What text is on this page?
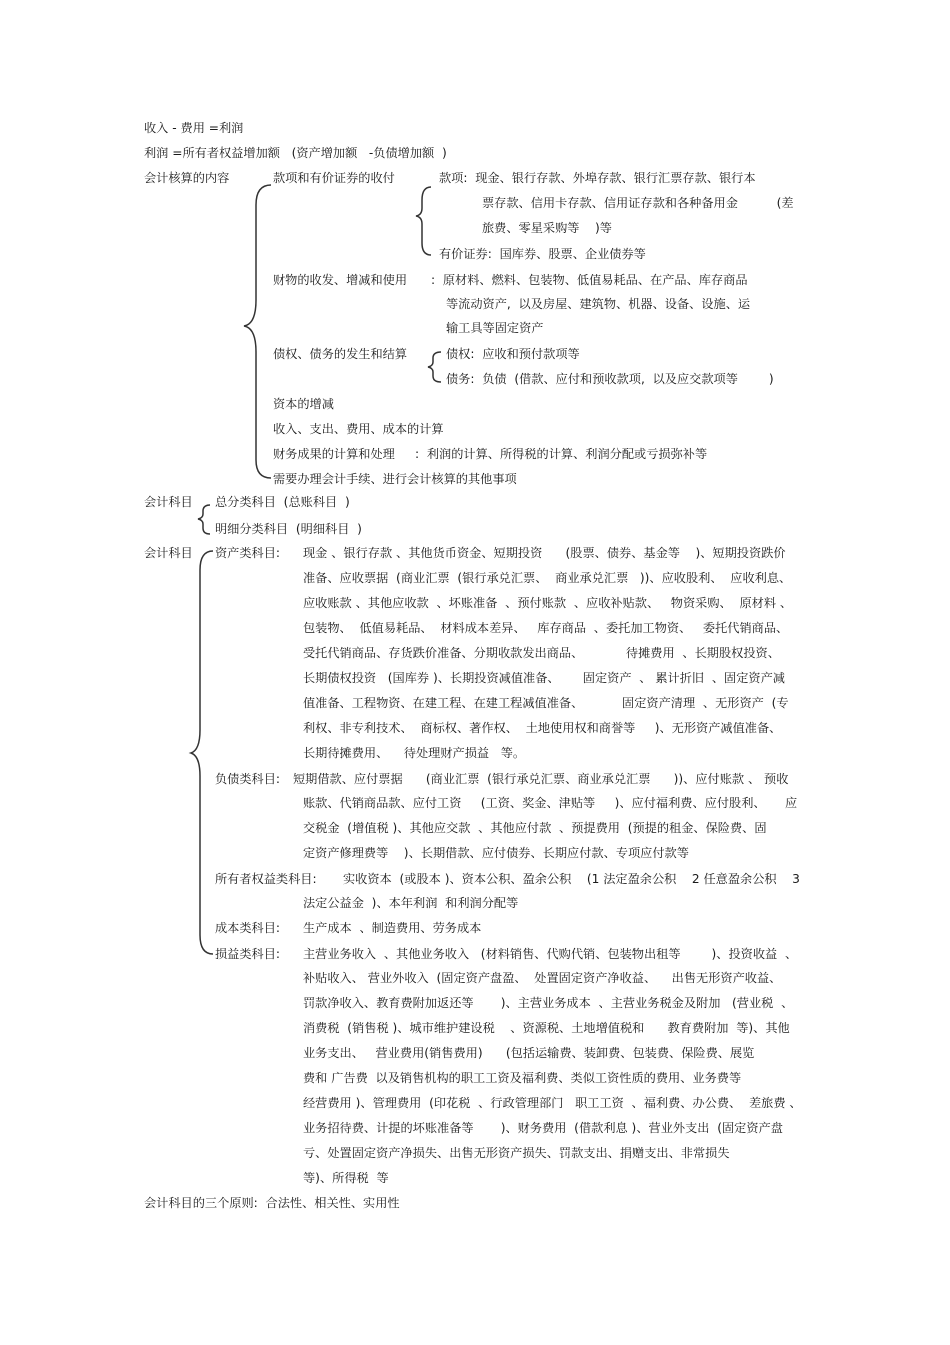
收入 - 费用 =利润
利润 =所有者权益增加额   (资产增加额   -负债增加额  )
会计核算的内容	款项和有价证券的收付	款项:  现金、银行存款、外埠存款、银行汇票存款、银行本
票存款、信用卡存款、信用证存款和各种备用金          (差
旅费、零星采购等    )等
有价证券:  国库券、股票、企业债券等
财物的收发、增减和使用 :  原材料、燃料、包装物、低值易耗品、在产品、库存商品
等流动资产,  以及房屋、建筑物、机器、设备、设施、运
输工具等固定资产
债权、债务的发生和结算	债权:  应收和预付款项等
债务:  负债  (借款、应付和预收款项,  以及应交款项等        )
资本的增减
收入、支出、费用、成本的计算
财务成果的计算和处理 :  利润的计算、所得税的计算、利润分配或亏损弥补等
需要办理会计手续、进行会计核算的其他事项
会计科目 总分类科目  (总账科目  )
明细分类科目  (明细科目  )
会计科目 资产类科目: 现金 、银行存款 、其他货币资金、短期投资      (股票、债券、基金等    )、短期投资跌价
准备、应收票据  (商业汇票  (银行承兑汇票、  商业承兑汇票   ))、应收股利、  应收利息、
应收账款 、其他应收款  、坏账准备  、预付账款  、应收补贴款、   物资采购、  原材料 、
包装物、  低值易耗品、  材料成本差异、   库存商品  、委托加工物资、   委托代销商品、
受托代销商品、存货跌价准备、分期收款发出商品、           待摊费用  、长期股权投资、
长期债权投资   (国库券 )、长期投资减值准备、      固定资产  、 累计折旧  、固定资产减
值准备、工程物资、在建工程、在建工程减值准备、          固定资产清理  、无形资产  (专
利权、非专利技术、  商标权、著作权、  土地使用权和商誉等     )、无形资产减值准备、
长期待摊费用、    待处理财产损益   等。
负债类科目: 短期借款、应付票据      (商业汇票  (银行承兑汇票、商业承兑汇票      ))、应付账款 、 预收
账款、代销商品款、应付工资     (工资、奖金、津贴等     )、应付福利费、应付股利、     应
交税金  (增值税 )、其他应交款  、其他应付款  、预提费用  (预提的租金、保险费、固
定资产修理费等    )、长期借款、应付债券、长期应付款、专项应付款等
所有者权益类科目: 实收资本  (或股本 )、资本公积、盈余公积    (1 法定盈余公积    2 任意盈余公积    3
法定公益金  )、本年利润  和利润分配等
成本类科目: 生产成本  、制造费用、劳务成本
损益类科目: 主营业务收入  、其他业务收入   (材料销售、代购代销、包装物出租等        )、投资收益  、
补贴收入、 营业外收入  (固定资产盘盈、  处置固定资产净收益、    出售无形资产收益、
罚款净收入、教育费附加返还等       )、主营业务成本  、主营业务税金及附加   (营业税  、
消费税  (销售税 )、城市维护建设税    、资源税、土地增值税和      教育费附加  等)、其他
业务支出、   营业费用(销售费用)      (包括运输费、装卸费、包装费、保险费、展览
费和 广告费  以及销售机构的职工工资及福利费、类似工资性质的费用、业务费等
经营费用 )、管理费用  (印花税  、行政管理部门   职工工资  、福利费、办公费、  差旅费 、
业务招待费、计提的坏账准备等       )、财务费用  (借款利息 )、营业外支出  (固定资产盘
亏、处置固定资产净损失、出售无形资产损失、罚款支出、捐赠支出、非常损失
等)、所得税  等
会计科目的三个原则:  合法性、相关性、实用性
